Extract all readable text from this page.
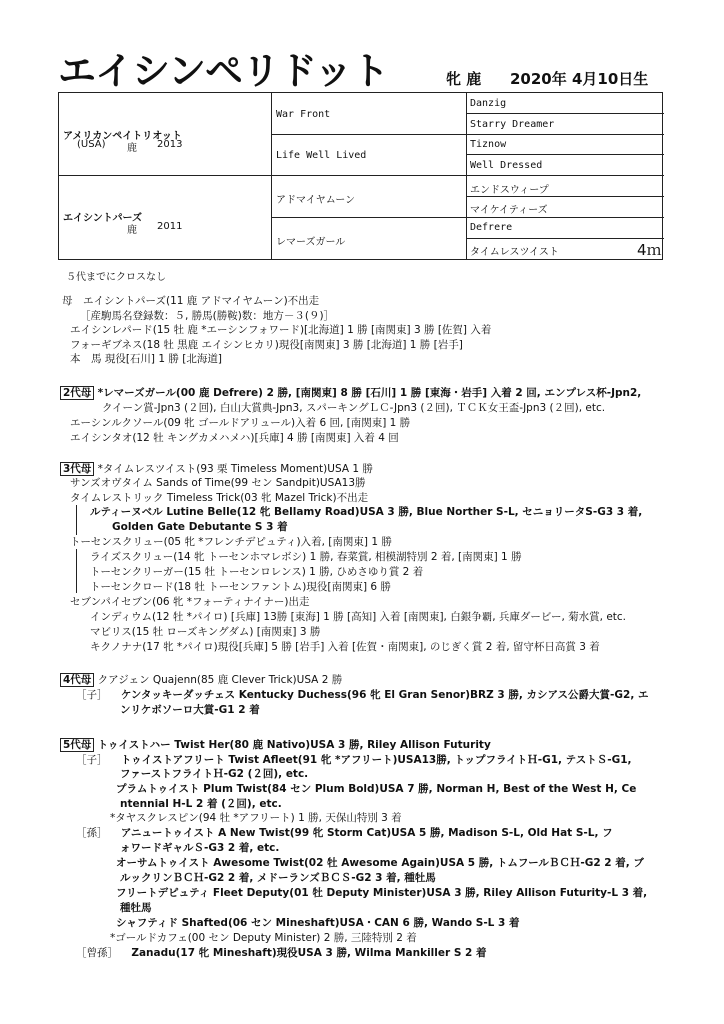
エイシンペリドット	牝 鹿 2020年 4月10日生
アメリカンペイトリオット
(USA) 鹿 2013
エイシントパーズ
鹿 2011
War Front
Life Well Lived
アドマイヤムーン
レマーズガール
Danzig
Starry Dreamer
Tiznow
Well Dressed
エンドスウィープ
マイケイティーズ
Defrere
タイムレスツイスト	4ｍ
５代までにクロスなし
母　エイシントパーズ(11 鹿 アドマイヤムーン)不出走
［産駒馬名登録数：５, 勝馬(勝鞍)数：地方－３(９)］
エイシンレパード(15 牡 鹿 *エーシンフォワード)[北海道] 1 勝 [南関東] 3 勝 [佐賀] 入着
フォーギブネス(18 牡 黒鹿 エイシンヒカリ)現役[南関東] 3 勝 [北海道] 1 勝 [岩手]
本　馬 現役[石川] 1 勝 [北海道]
2代母 *レマーズガール(00 鹿 Defrere) 2 勝, [南関東] 8 勝 [石川] 1 勝 [東海・岩手] 入着 2 回, エンプレス杯-Jpn2,
クイーン賞-Jpn3 (２回), 白山大賞典-Jpn3, スパーキングＬＣ-Jpn3 (２回), ＴＣＫ女王盃-Jpn3 (２回), etc.
エーシンルクソール(09 牝 ゴールドアリュール)入着 6 回, [南関東] 1 勝
エイシンタオ(12 牡 キングカメハメハ)[兵庫] 4 勝 [南関東] 入着 4 回
3代母 *タイムレスツイスト(93 栗 Timeless Moment)USA 1 勝
サンズオヴタイム Sands of Time(99 セン Sandpit)USA13勝
タイムレストリック Timeless Trick(03 牝 Mazel Trick)不出走
ルティーヌベル Lutine Belle(12 牝 Bellamy Road)USA 3 勝, Blue Norther S-L, セニョリータS-G3 3 着,
Golden Gate Debutante S 3 着
トーセンスクリュー(05 牝 *フレンチデピュティ)入着, [南関東] 1 勝
ライズスクリュー(14 牝 トーセンホマレボシ) 1 勝, 春菜賞, 相模湖特別 2 着, [南関東] 1 勝
トーセンクリーガー(15 牡 トーセンロレンス) 1 勝, ひめさゆり賞 2 着
トーセンクロード(18 牡 トーセンファントム)現役[南関東] 6 勝
セブンパイセブン(06 牝 *フォーティナイナー)出走
インディウム(12 牡 *パイロ) [兵庫] 13勝 [東海] 1 勝 [高知] 入着 [南関東], 白銀争覇, 兵庫ダービー, 菊水賞, etc.
マビリス(15 牡 ローズキングダム) [南関東] 3 勝
キクノナナ(17 牝 *パイロ)現役[兵庫] 5 勝 [岩手] 入着 [佐賀・南関東], のじぎく賞 2 着, 留守杯日高賞 3 着
4代母 クアジェン Quajenn(85 鹿 Clever Trick)USA 2 勝
［子］ ケンタッキーダッチェス Kentucky Duchess(96 牝 El Gran Senor)BRZ 3 勝, カシアス公爵大賞-G2, エ
ンリケボソーロ大賞-G1 2 着
5代母 トゥイストハー Twist Her(80 鹿 Nativo)USA 3 勝, Riley Allison Futurity
［子］ トゥイストアフリート Twist Afleet(91 牝 *アフリート)USA13勝, トップフライトＨ-G1, テストＳ-G1,
ファーストフライトＨ-G2 (２回), etc.
プラムトゥイスト Plum Twist(84 セン Plum Bold)USA 7 勝, Norman H, Best of the West H, Ce
ntennial H-L 2 着 (２回), etc.
*タヤスクレスピン(94 牡 *アフリート) 1 勝, 天保山特別 3 着
［孫］ アニュートゥイスト A New Twist(99 牝 Storm Cat)USA 5 勝, Madison S-L, Old Hat S-L, フ
ォワードギャルＳ-G3 2 着, etc.
オーサムトゥイスト Awesome Twist(02 牡 Awesome Again)USA 5 勝, トムフールＢＣＨ-G2 2 着, ブ
ルックリンＢＣＨ-G2 2 着, メドーランズＢＣＳ-G2 3 着, 種牡馬
フリートデピュティ Fleet Deputy(01 牡 Deputy Minister)USA 3 勝, Riley Allison Futurity-L 3 着,
種牡馬
シャフティド Shafted(06 セン Mineshaft)USA・CAN 6 勝, Wando S-L 3 着
*ゴールドカフェ(00 セン Deputy Minister) 2 勝, 三陸特別 2 着
［曾孫］ Zanadu(17 牝 Mineshaft)現役USA 3 勝, Wilma Mankiller S 2 着
